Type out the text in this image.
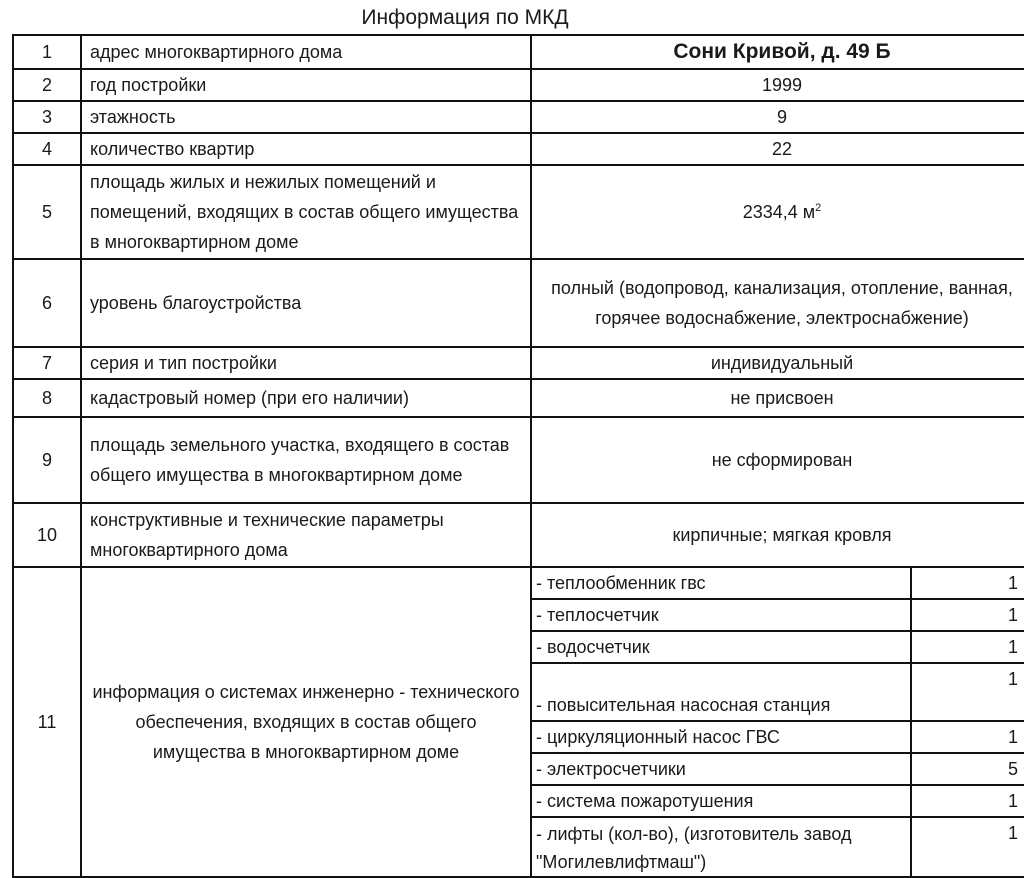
Информация по МКД
1	адрес многоквартирного дома	Сони Кривой, д. 49 Б	
2	год постройки	1999	
3	этажность	9	
4	количество квартир	22	
5	площадь жилых и нежилых помещений и помещений, входящих в состав общего имущества в многоквартирном доме	2334,4 $м^2$
6	уровень благоустройства	полный (водопровод, канализация, отопление, ванная, горячее водоснабжение, электроснабжение)	
7	серия и тип постройки	индивидуальный	
8	кадастровый номер (при его наличии)	не присвоен	
9	площадь земельного участка, входящего в состав общего имущества в многоквартирном доме	не сформирован	
10	конструктивные и технические параметры многоквартирного дома	кирпичные; мягкая кровля	
11	информация о системах инженерно - технического обеспечения, входящих в состав общего имущества в многоквартирном доме	- теплообменник гвс	1
		- теплосчетчик	1
		- водосчетчик	1
		- повысительная насосная станция	1
		- циркуляционный насос ГВС	1
		- электросчетчики	5
		- система пожаротушения	1
		- лифты (кол-во), (изготовитель завод "Могилевлифтмаш")	1
